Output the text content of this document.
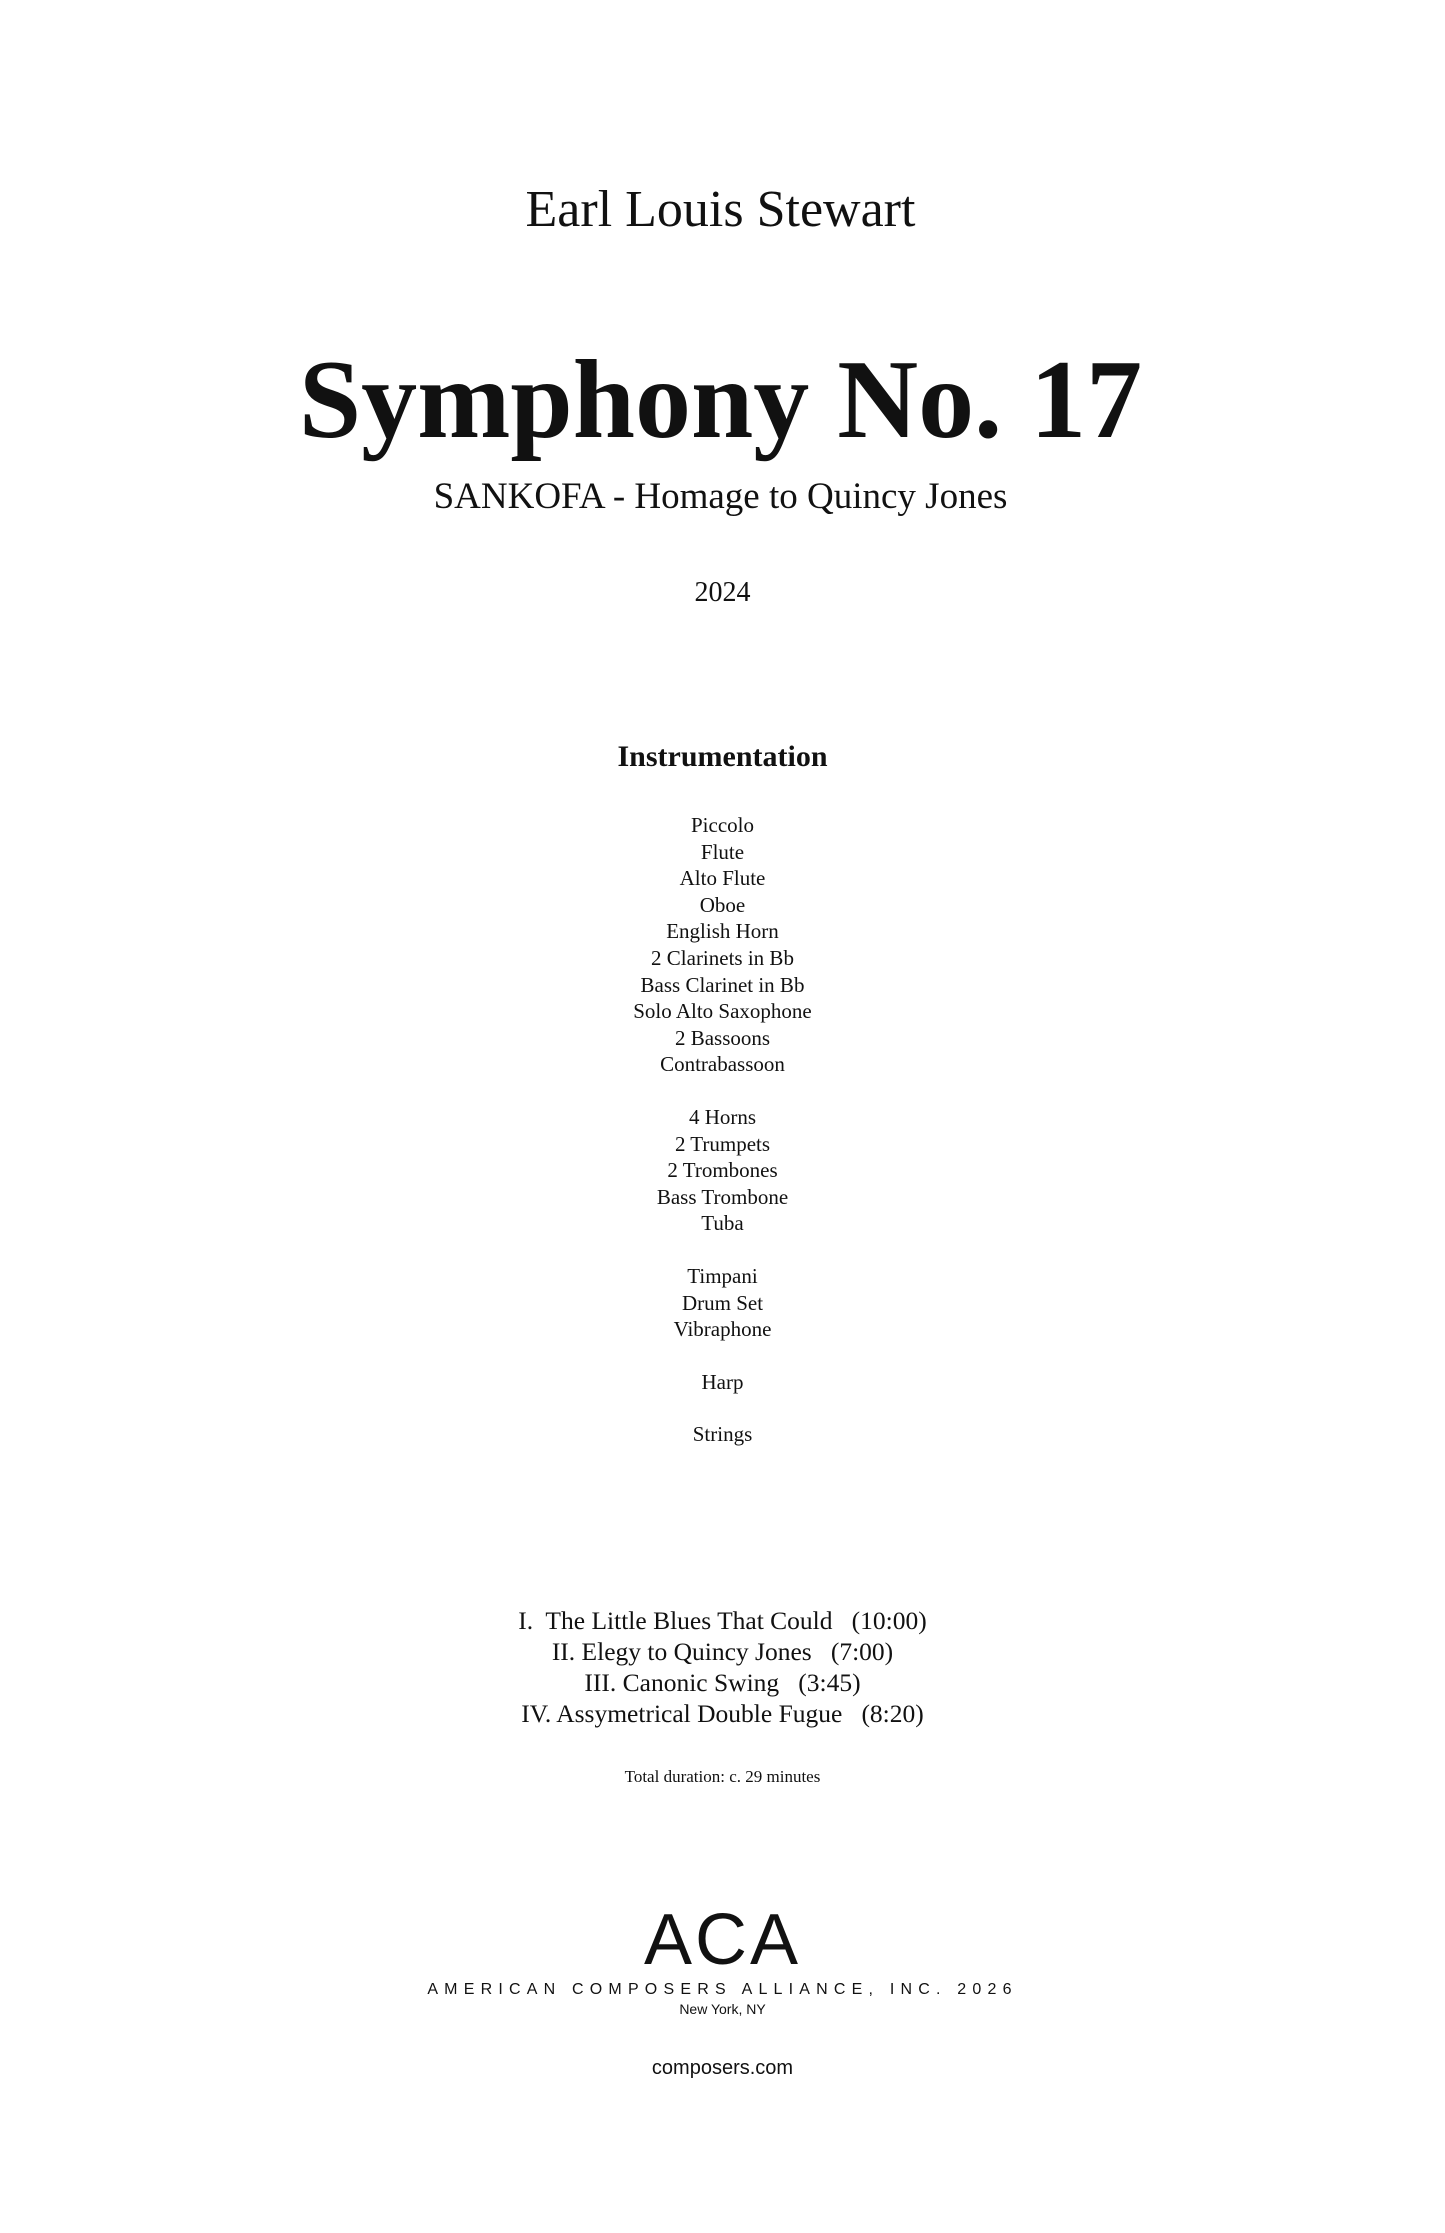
Earl Louis Stewart
Symphony No. 17
SANKOFA - Homage to Quincy Jones
2024
Instrumentation
Piccolo
Flute
Alto Flute
Oboe
English Horn
2 Clarinets in Bb
Bass Clarinet in Bb
Solo Alto Saxophone
2 Bassoons
Contrabassoon
4 Horns
2 Trumpets
2 Trombones
Bass Trombone
Tuba
Timpani
Drum Set
Vibraphone
Harp
Strings
I.  The Little Blues That Could   (10:00)
II. Elegy to Quincy Jones   (7:00)
III. Canonic Swing   (3:45)
IV. Assymetrical Double Fugue   (8:20)
Total duration: c. 29 minutes
ACA
AMERICAN COMPOSERS ALLIANCE, INC. 2026
New York, NY
composers.com
